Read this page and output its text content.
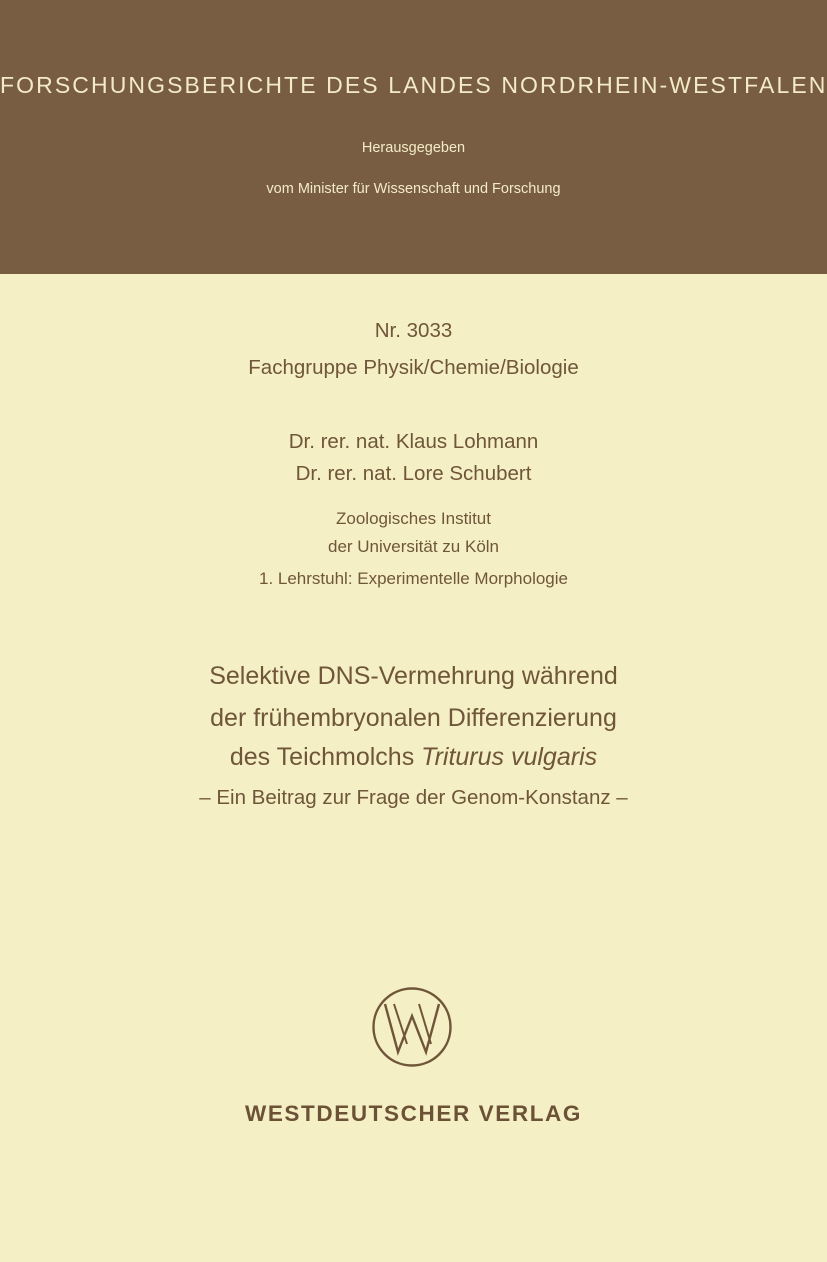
FORSCHUNGSBERICHTE DES LANDES NORDRHEIN-WESTFALEN
Herausgegeben
vom Minister für Wissenschaft und Forschung
Nr. 3033
Fachgruppe Physik/Chemie/Biologie
Dr. rer. nat. Klaus Lohmann
Dr. rer. nat. Lore Schubert
Zoologisches Institut
der Universität zu Köln
1. Lehrstuhl: Experimentelle Morphologie
Selektive DNS-Vermehrung während
der frühembryonalen Differenzierung
des Teichmolchs Triturus vulgaris
– Ein Beitrag zur Frage der Genom-Konstanz –
WESTDEUTSCHER VERLAG
